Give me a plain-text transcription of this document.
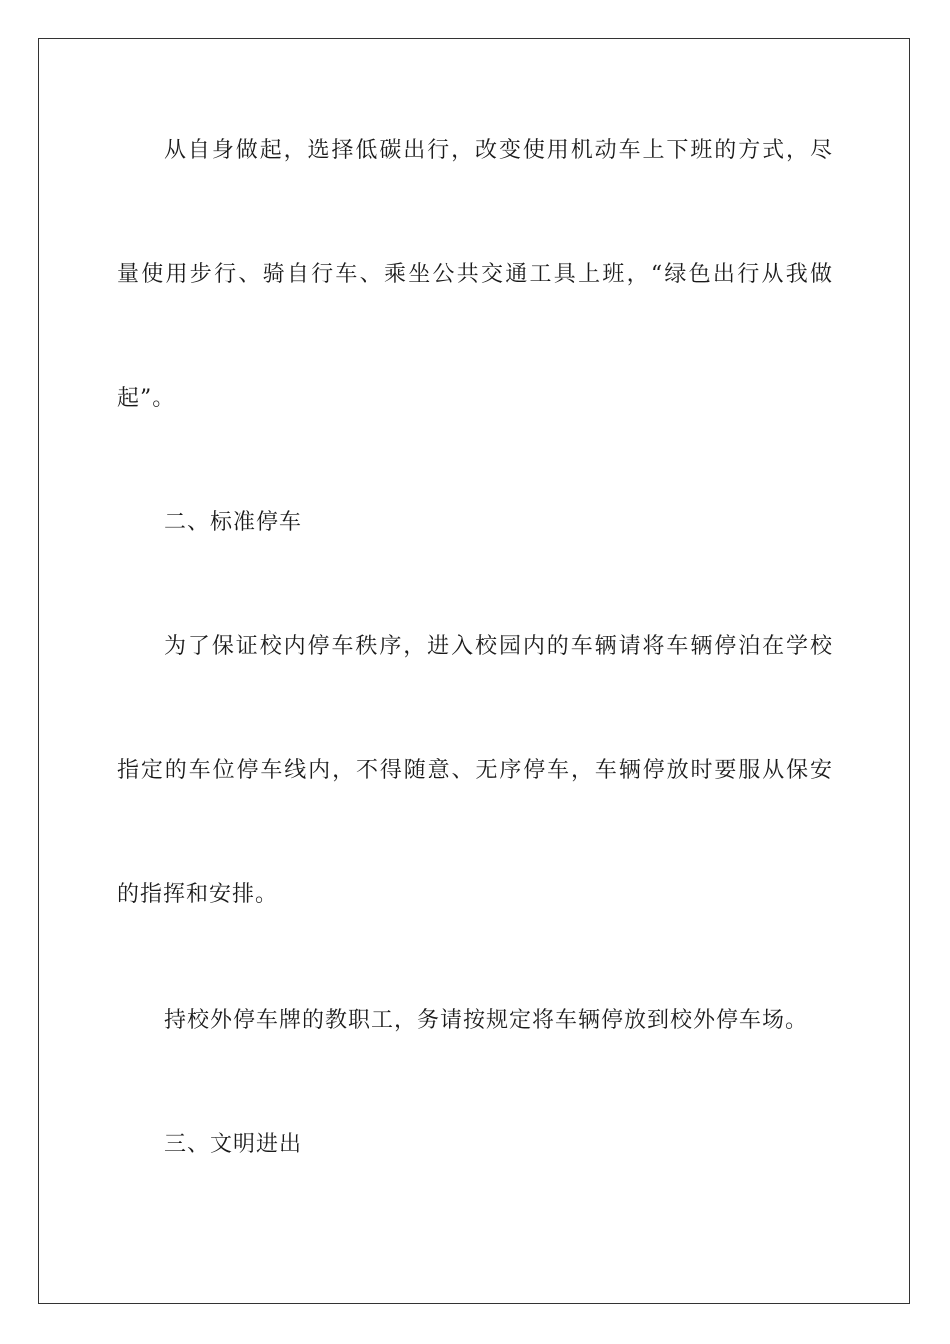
从自身做起，选择低碳出行，改变使用机动车上下班的方式，尽
量使用步行、骑自行车、乘坐公共交通工具上班，“绿色出行从我做
起”。
二、标准停车
为了保证校内停车秩序，进入校园内的车辆请将车辆停泊在学校
指定的车位停车线内，不得随意、无序停车，车辆停放时要服从保安
的指挥和安排。
持校外停车牌的教职工，务请按规定将车辆停放到校外停车场。
三、文明进出
